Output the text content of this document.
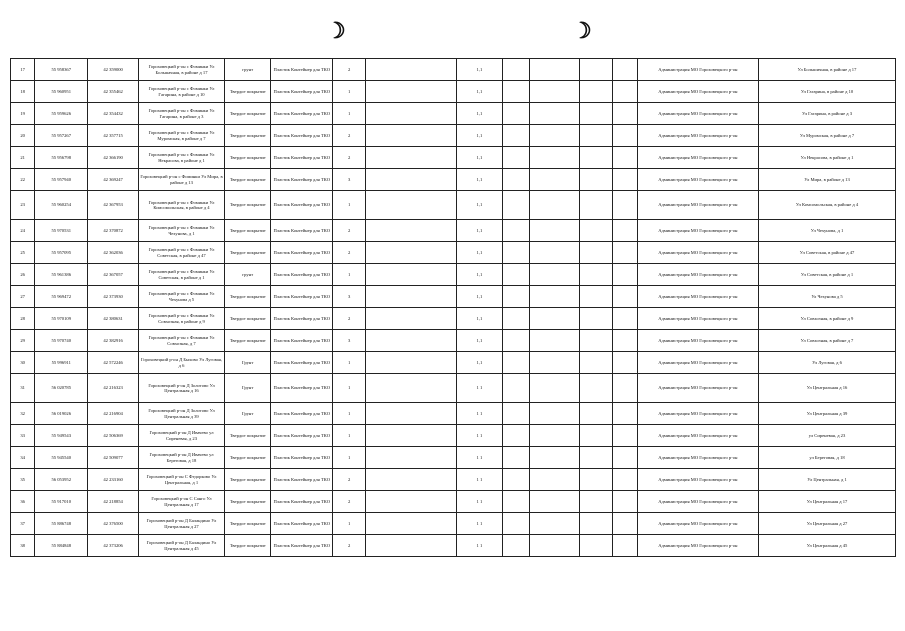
☽	☽
17	55 958367	42 359000	Гороховецкий р-он с Фоминки Ул Большачная, в районе д 17	грунт	Пластик Контейнер для ТКО	2		1,1					Администрация МО Гороховецкого р-он	Ул Большичная, в районе д 17
18	55 960951	42 355462	Гороховецкий р-он с Фоминки Ул Гагарина, в районе д 10	Твердое покрытие	Пластик Контейнер для ТКО	1		1,1					Администрация МО Гороховецкого р-он	Ул Гагарина, в районе д 10
19	55 959626	42 354432	Гороховецкий р-он с Фоминки Ул Гагарина, в районе д 3	Твердое покрытие	Пластик Контейнер для ТКО	1		1,1					Администрация МО Гороховецкого р-он	Ул Гагарина, в районе д 3
20	55 957267	42 357715	Гороховецкий р-он с Фоминки Ул Муромская, в районе д 7	Твердое покрытие	Пластик Контейнер для ТКО	2		1,1					Администрация МО Гороховецкого р-он	Ул Муромская, в районе д 7
21	55 956798	42 366190	Гороховецкий р-он с Фоминки Ул Некрасова, в районе д 1	Твердое покрытие	Пластик Контейнер для ТКО	2		1,1					Администрация МО Гороховецкого р-он	Ул Некрасова, в районе д 1
22	55 957940	42 369247	Гороховецкий р-он с Фоминки Ул Мира, в районе д 13	Твердое покрытие	Пластик Контейнер для ТКО	3		1,1					Администрация МО Гороховецкого р-он	Ул Мира, в районе д 13
23	55 960254	42 367953	Гороховецкий р-он с Фоминки Ул Комсомольская, в районе д 4	Твердое покрытие	Пластик Контейнер для ТКО	1		1,1					Администрация МО Гороховецкого р-он	Ул Комсомольская, в районе д 4
24	55 970531	42 370872	Гороховецкий р-он с Фоминки Ул Чехунова, д 1	Твердое покрытие	Пластик Контейнер для ТКО	2		1,1					Администрация МО Гороховецкого р-он	Ул Чехунова, д 1
25	55 957095	42 362036	Гороховецкий р-он с Фоминки Ул Советская, в районе д 47	Твердое покрытие	Пластик Контейнер для ТКО	2		1,1					Администрация МО Гороховецкого р-он	Ул Советская, в районе д 47
26	55 961386	42 367057	Гороховецкий р-он с Фоминки Ул Советская, в районе д 1	грунт	Пластик Контейнер для ТКО	1		1,1					Администрация МО Гороховецкого р-он	Ул Советская, в районе д 1
27	55 969472	42 373930	Гороховецкий р-он с Фоминки Ул Чехунова д 5	Твердое покрытие	Пластик Контейнер для ТКО	3		1,1					Администрация МО Гороховецкого р-он	Ул Чехунова д 5
28	55 970109	42 380631	Гороховецкий р-он с Фоминки Ул Совхозная, в районе д 9	Твердое покрытие	Пластик Контейнер для ТКО	2		1,1					Администрация МО Гороховецкого р-он	Ул Совхозная, в районе д 9
29	55 970740	42 382916	Гороховецкий р-он с Фоминки Ул Совхозная, д 7	Твердое покрытие	Пластик Контейнер для ТКО	3		1,1					Администрация МО Гороховецкого р-он	Ул Совхозная, в районе д 7
30	55 996911	42 572246	Гороховецкий р-он Д Быхово Ул Луговая, д 6	Грунт	Пластик Контейнер для ТКО	1		1,1					Администрация МО Гороховецкого р-он	Ул Луговая, д 6
31	56 020785	42 216323	Гороховецкий р-он Д Золотово Ул Центральная д 16	Грунт	Пластик Контейнер для ТКО	1		1 1					Администрация МО Гороховецкого р-он	Ул Центральная д 16
32	56 019026	42 216904	Гороховецкий р-он Д Золотово Ул Центральная д 39	Грунт	Пластик Контейнер для ТКО	1		1 1					Администрация МО Гороховецкого р-он	Ул Центральная д 39
33	55 949543	42 506369	Гороховецкий р-он Д Ивачево ул Сиреневая, д 23	Твердое покрытие	Пластик Контейнер для ТКО	1		1 1					Администрация МО Гороховецкого р-он	ул Сиреневая, д 23
34	55 945540	42 509077	Гороховецкий р-он Д Ивачево ул Береговая, д 18	Твердое покрытие	Пластик Контейнер для ТКО	1		1 1					Администрация МО Гороховецкого р-он	ул Береговая, д 18
35	56 053952	42 233160	Гороховецкий р-он С Федорково Ул Центральная, д 1	Твердое покрытие	Пластик Контейнер для ТКО	2		1 1					Администрация МО Гороховецкого р-он	Ул Центральная, д 1
36	55 917010	42 218854	Гороховецкий р-он С Санго Ул Центральная д 17	Твердое покрытие	Пластик Контейнер для ТКО	2		1 1					Администрация МО Гороховецкого р-он	Ул Центральная д 17
37	55 886748	42 376500	Гороховецкий р-он Д Баландино Ул Центральная д 27	Твердое покрытие	Пластик Контейнер для ТКО	1		1 1					Администрация МО Гороховецкого р-он	Ул Центральная д 27
38	55 884848	42 373206	Гороховецкий р-он Д Баландино Ул Центральная д 45	Твердое покрытие	Пластик Контейнер для ТКО	2		1 1					Администрация МО Гороховецкого р-он	Ул Центральная д 45
